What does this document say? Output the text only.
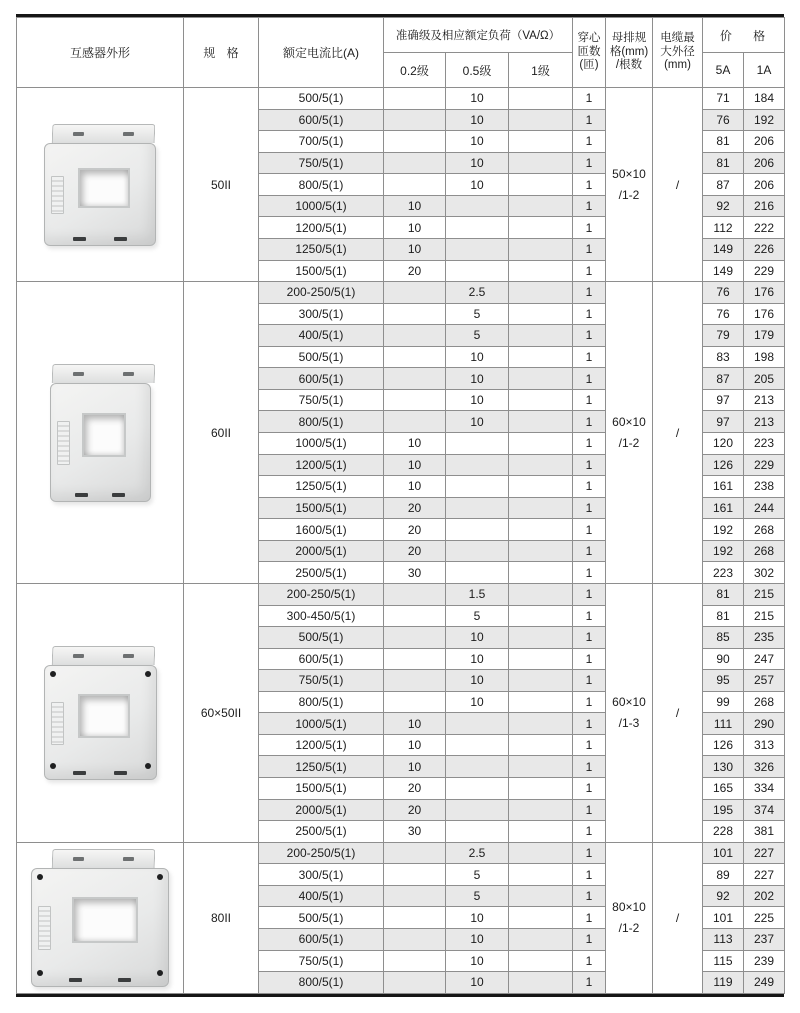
互感器外形	规 格	额定电流比(A)	准确级及相应额定负荷（VA/Ω）			穿心
匝数
(匝)	母排规
格(mm)
/根数	电缆最
大外径
(mm)	价 格	
			0.2级	0.5级	1级				5A	1A

	50II	500/5(1)		10		1	50×10
/1-2	/	71	184
		600/5(1)		10		1			76	192
		700/5(1)		10		1			81	206
		750/5(1)		10		1			81	206
		800/5(1)		10		1			87	206
		1000/5(1)	10			1			92	216
		1200/5(1)	10			1			112	222
		1250/5(1)	10			1			149	226
		1500/5(1)	20			1			149	229

	60II	200-250/5(1)		2.5		1	60×10
/1-2	/	76	176
		300/5(1)		5		1			76	176
		400/5(1)		5		1			79	179
		500/5(1)		10		1			83	198
		600/5(1)		10		1			87	205
		750/5(1)		10		1			97	213
		800/5(1)		10		1			97	213
		1000/5(1)	10			1			120	223
		1200/5(1)	10			1			126	229
		1250/5(1)	10			1			161	238
		1500/5(1)	20			1			161	244
		1600/5(1)	20			1			192	268
		2000/5(1)	20			1			192	268
		2500/5(1)	30			1			223	302

	60×50II	200-250/5(1)		1.5		1	60×10
/1-3	/	81	215
		300-450/5(1)		5		1			81	215
		500/5(1)		10		1			85	235
		600/5(1)		10		1			90	247
		750/5(1)		10		1			95	257
		800/5(1)		10		1			99	268
		1000/5(1)	10			1			111	290
		1200/5(1)	10			1			126	313
		1250/5(1)	10			1			130	326
		1500/5(1)	20			1			165	334
		2000/5(1)	20			1			195	374
		2500/5(1)	30			1			228	381

	80II	200-250/5(1)		2.5		1	80×10
/1-2	/	101	227
		300/5(1)		5		1			89	227
		400/5(1)		5		1			92	202
		500/5(1)		10		1			101	225
		600/5(1)		10		1			113	237
		750/5(1)		10		1			115	239
		800/5(1)		10		1			119	249
